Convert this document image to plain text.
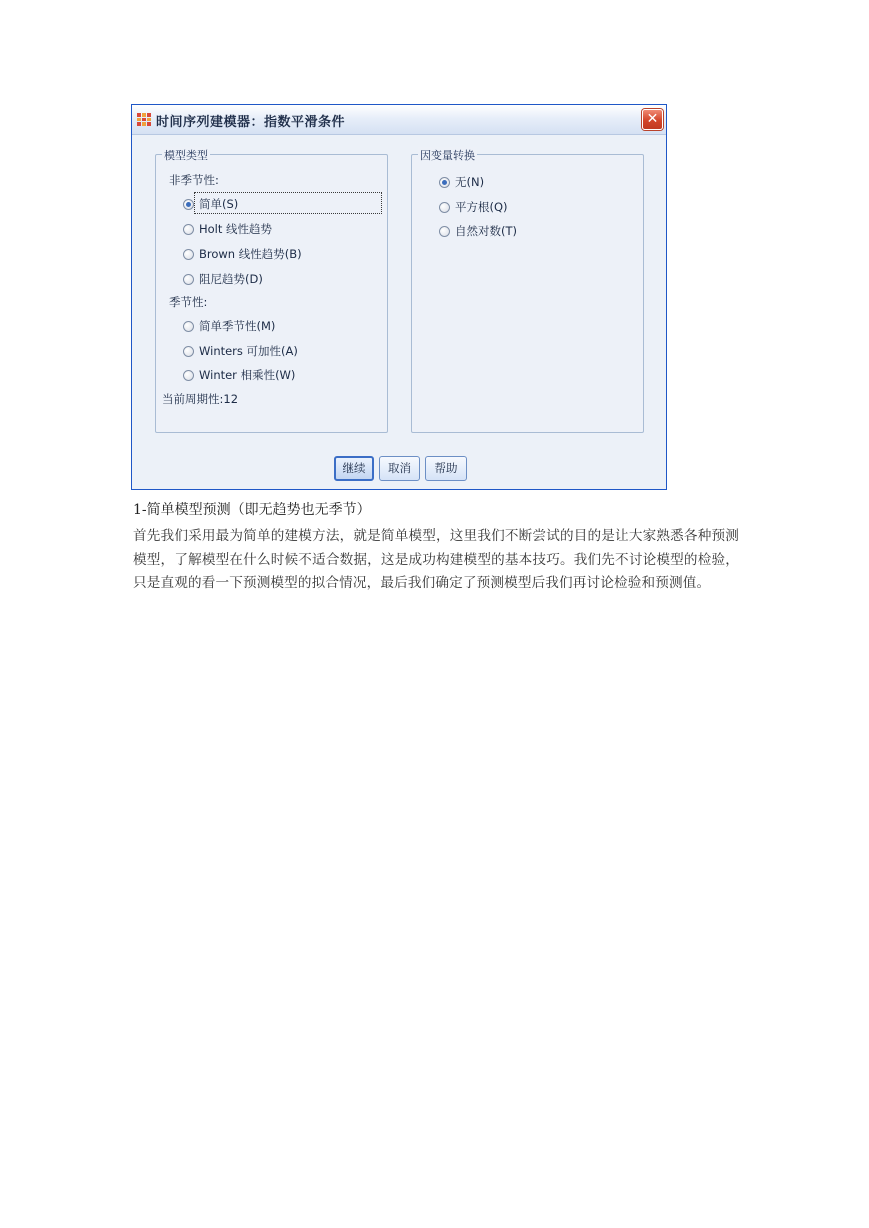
时间序列建模器：指数平滑条件	✕
模型类型
非季节性:
简单(S)
Holt 线性趋势
Brown 线性趋势(B)
阻尼趋势(D)
季节性:
简单季节性(M)
Winters 可加性(A)
Winter 相乘性(W)
当前周期性:12
因变量转换
无(N)
平方根(Q)
自然对数(T)
继续	取消	帮助
1-简单模型预测（即无趋势也无季节）
首先我们采用最为简单的建模方法，就是简单模型，这里我们不断尝试的目的是让大家熟悉各种预测模型，了解模型在什么时候不适合数据，这是成功构建模型的基本技巧。我们先不讨论模型的检验，只是直观的看一下预测模型的拟合情况，最后我们确定了预测模型后我们再讨论检验和预测值。
